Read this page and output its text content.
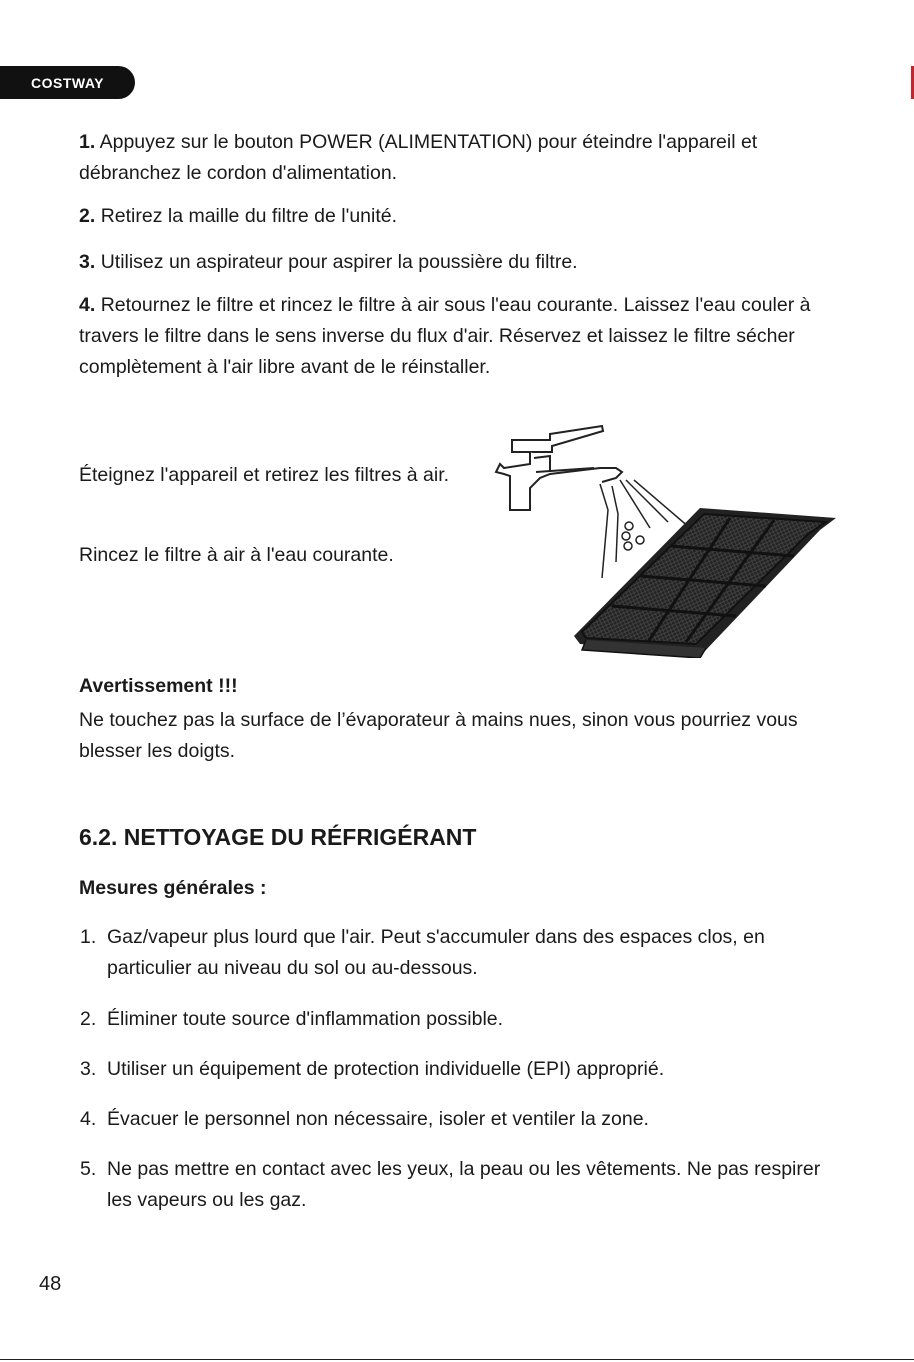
COSTWAY

1. Appuyez sur le bouton POWER (ALIMENTATION) pour éteindre l'appareil et débranchez le cordon d'alimentation.

2. Retirez la maille du filtre de l'unité.

3. Utilisez un aspirateur pour aspirer la poussière du filtre.

4. Retournez le filtre et rincez le filtre à air sous l'eau courante. Laissez l'eau couler à travers le filtre dans le sens inverse du flux d'air. Réservez et laissez le filtre sécher complètement à l'air libre avant de le réinstaller.

Éteignez l'appareil et retirez les filtres à air.

Rincez le filtre à air à l'eau courante.

Avertissement !!!

Ne touchez pas la surface de l’évaporateur à mains nues, sinon vous pourriez vous blesser les doigts.

6.2. NETTOYAGE DU RÉFRIGÉRANT
Mesures générales :
1. Gaz/vapeur plus lourd que l'air. Peut s'accumuler dans des espaces clos, en particulier au niveau du sol ou au-dessous.
2. Éliminer toute source d'inflammation possible.
3. Utiliser un équipement de protection individuelle (EPI) approprié.
4. Évacuer le personnel non nécessaire, isoler et ventiler la zone.
5. Ne pas mettre en contact avec les yeux, la peau ou les vêtements. Ne pas respirer les vapeurs ou les gaz.

48
